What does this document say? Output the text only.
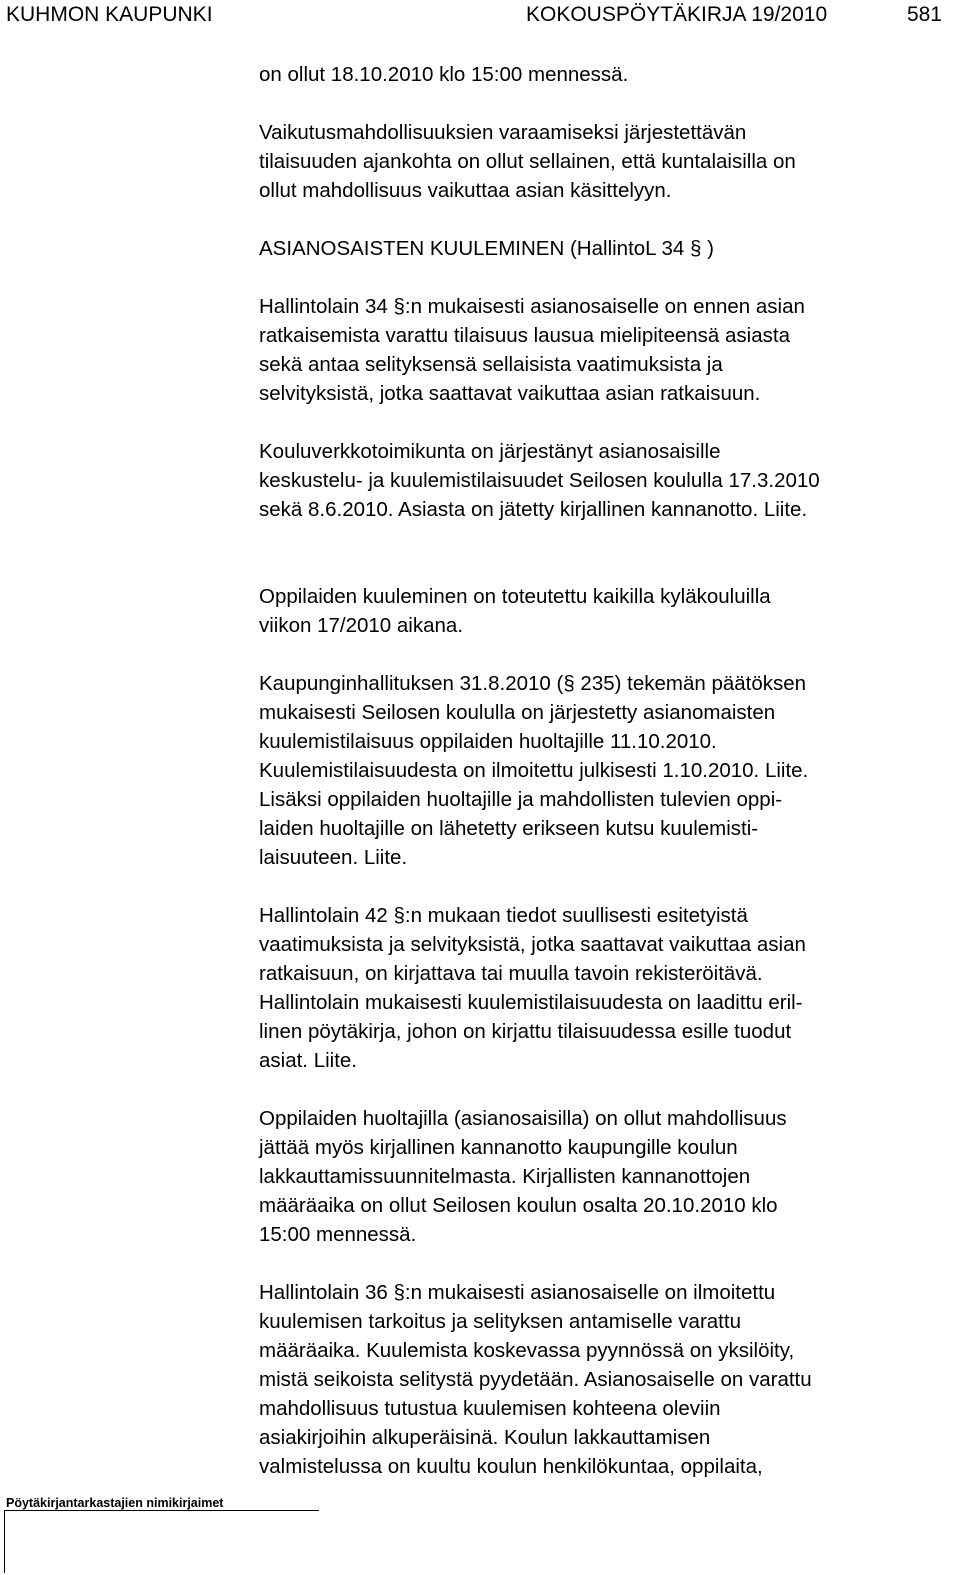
KUHMON KAUPUNKI	KOKOUSPÖYTÄKIRJA 19/2010	581

on ollut 18.10.2010 klo 15:00 mennessä.

Vaikutusmahdollisuuksien varaamiseksi järjestettävän
tilaisuuden ajankohta on ollut sellainen, että kuntalaisilla on
ollut mahdollisuus vaikuttaa asian käsittelyyn.

ASIANOSAISTEN KUULEMINEN (HallintoL 34 § )

Hallintolain 34 §:n mukaisesti asianosaiselle on ennen asian
ratkaisemista varattu tilaisuus lausua mielipiteensä asiasta
sekä antaa selityksensä sellaisista vaatimuksista ja
selvityksistä, jotka saattavat vaikuttaa asian ratkaisuun.

Kouluverkkotoimikunta on järjestänyt asianosaisille
keskustelu- ja kuulemistilaisuudet Seilosen koululla 17.3.2010
sekä 8.6.2010. Asiasta on jätetty kirjallinen kannanotto. Liite.

Oppilaiden kuuleminen on toteutettu kaikilla kyläkouluilla
viikon 17/2010 aikana.

Kaupunginhallituksen 31.8.2010 (§ 235) tekemän päätöksen
mukaisesti Seilosen koululla on järjestetty asianomaisten
kuulemistilaisuus oppilaiden huoltajille 11.10.2010.
Kuulemistilaisuudesta on ilmoitettu julkisesti 1.10.2010. Liite.
Lisäksi oppilaiden huoltajille ja mahdollisten tulevien oppi-
laiden huoltajille on lähetetty erikseen kutsu kuulemisti-
laisuuteen. Liite.

Hallintolain 42 §:n mukaan tiedot suullisesti esitetyistä
vaatimuksista ja selvityksistä, jotka saattavat vaikuttaa asian
ratkaisuun, on kirjattava tai muulla tavoin rekisteröitävä.
Hallintolain mukaisesti kuulemistilaisuudesta on laadittu eril-
linen pöytäkirja, johon on kirjattu tilaisuudessa esille tuodut
asiat. Liite.

Oppilaiden huoltajilla (asianosaisilla) on ollut mahdollisuus
jättää myös kirjallinen kannanotto kaupungille koulun
lakkauttamissuunnitelmasta. Kirjallisten kannanottojen
määräaika on ollut Seilosen koulun osalta 20.10.2010 klo
15:00 mennessä.

Hallintolain 36 §:n mukaisesti asianosaiselle on ilmoitettu
kuulemisen tarkoitus ja selityksen antamiselle varattu
määräaika. Kuulemista koskevassa pyynnössä on yksilöity,
mistä seikoista selitystä pyydetään. Asianosaiselle on varattu
mahdollisuus tutustua kuulemisen kohteena oleviin
asiakirjoihin alkuperäisinä. Koulun lakkauttamisen
valmistelussa on kuultu koulun henkilökuntaa, oppilaita,

Pöytäkirjantarkastajien nimikirjaimet
